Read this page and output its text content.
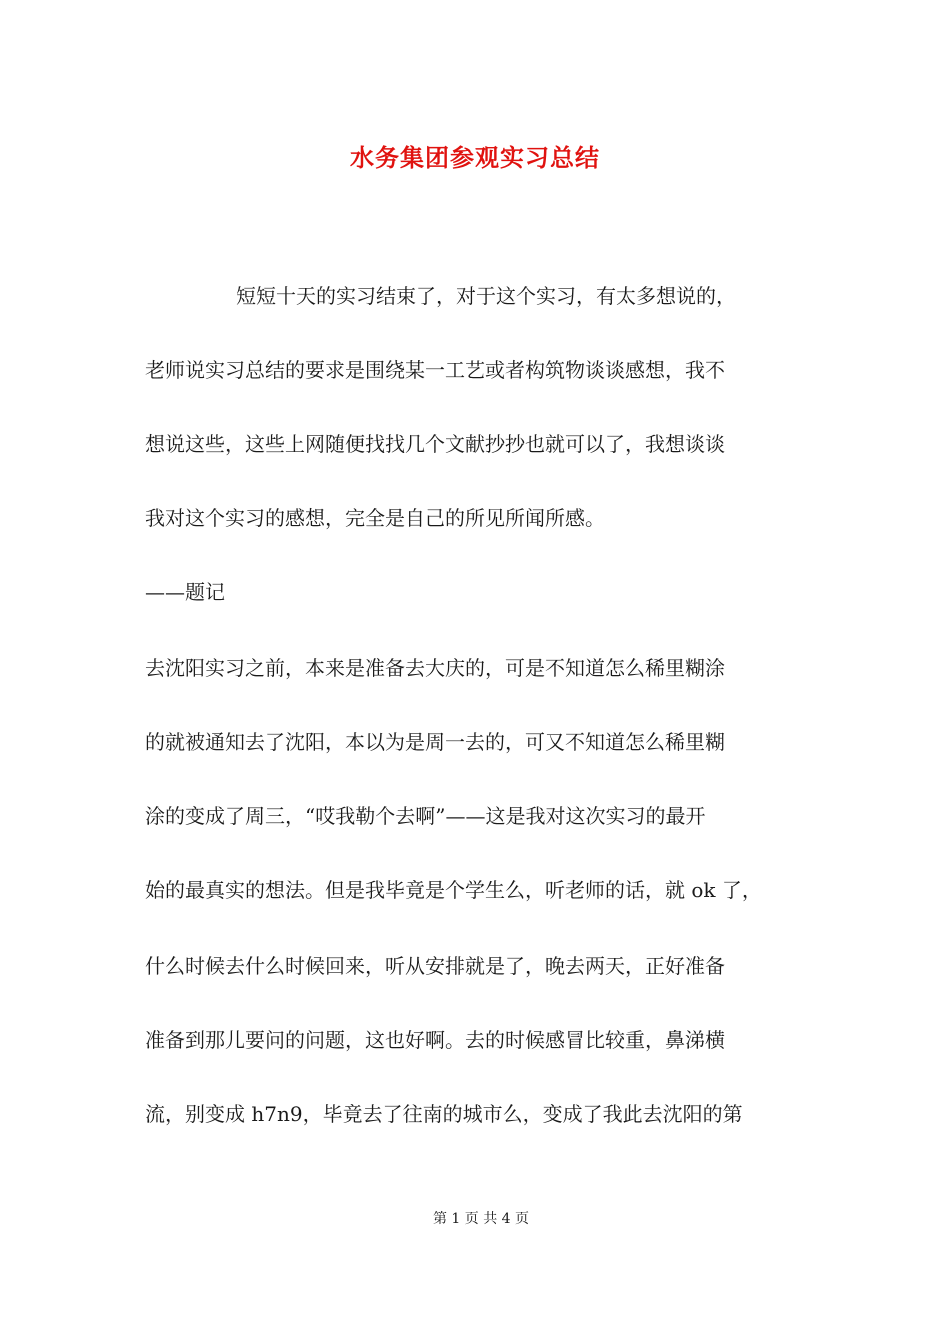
水务集团参观实习总结
短短十天的实习结束了，对于这个实习，有太多想说的，
老师说实习总结的要求是围绕某一工艺或者构筑物谈谈感想，我不
想说这些，这些上网随便找找几个文献抄抄也就可以了，我想谈谈
我对这个实习的感想，完全是自己的所见所闻所感。
——题记
去沈阳实习之前，本来是准备去大庆的，可是不知道怎么稀里糊涂
的就被通知去了沈阳，本以为是周一去的，可又不知道怎么稀里糊
涂的变成了周三，“哎我勒个去啊”——这是我对这次实习的最开
始的最真实的想法。但是我毕竟是个学生么，听老师的话，就 ok 了，
什么时候去什么时候回来，听从安排就是了，晚去两天，正好准备
准备到那儿要问的问题，这也好啊。去的时候感冒比较重，鼻涕横
流，别变成 h7n9，毕竟去了往南的城市么，变成了我此去沈阳的第
第 1 页 共 4 页
